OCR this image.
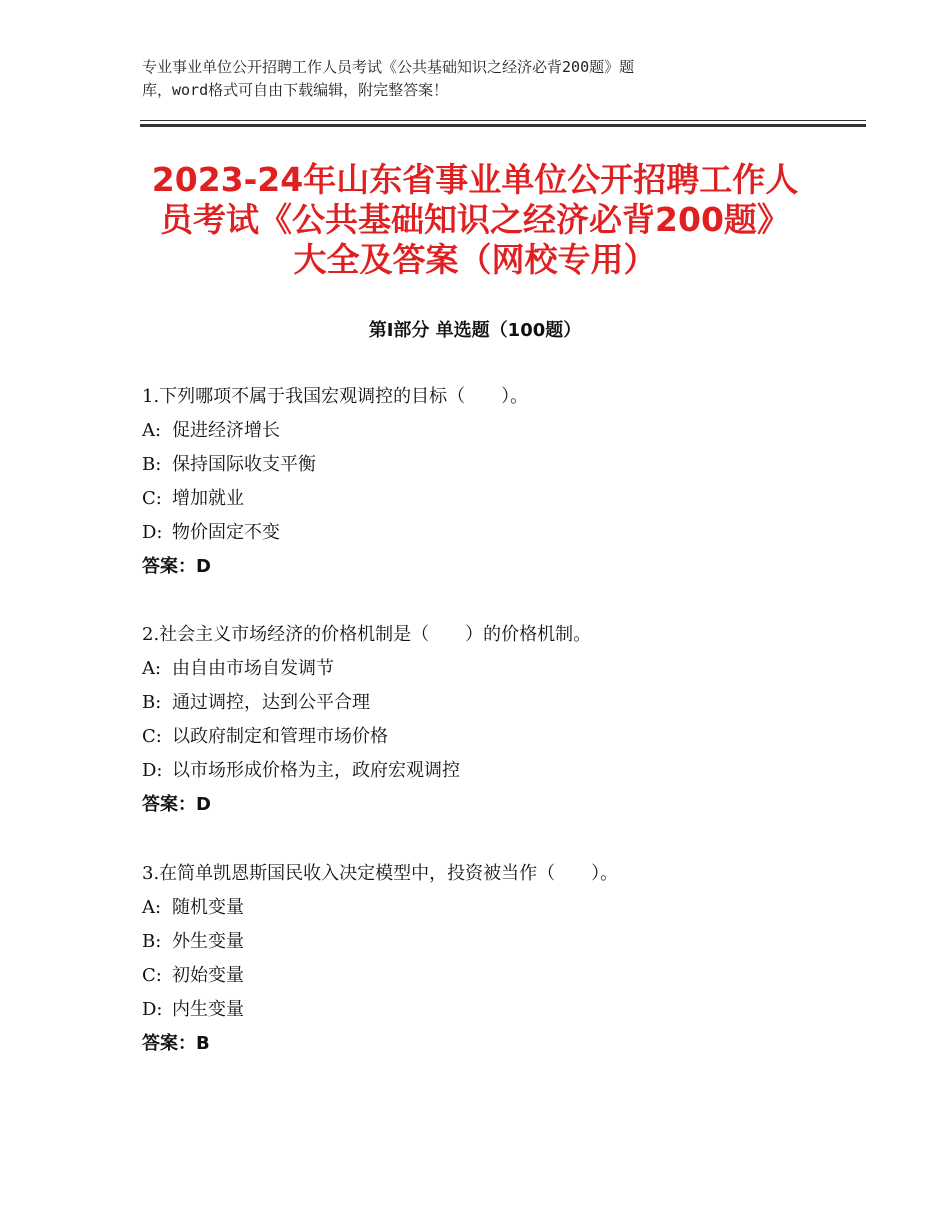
专业事业单位公开招聘工作人员考试《公共基础知识之经济必背200题》题
库，word格式可自由下载编辑，附完整答案！
2023-24年山东省事业单位公开招聘工作人
员考试《公共基础知识之经济必背200题》
大全及答案（网校专用）
第Ⅰ部分 单选题（100题）
1.下列哪项不属于我国宏观调控的目标（　　）。
A: 促进经济增长
B: 保持国际收支平衡
C: 增加就业
D: 物价固定不变
答案：D
2.社会主义市场经济的价格机制是（　　）的价格机制。
A: 由自由市场自发调节
B: 通过调控，达到公平合理
C: 以政府制定和管理市场价格
D: 以市场形成价格为主，政府宏观调控
答案：D
3.在简单凯恩斯国民收入决定模型中，投资被当作（　　）。
A: 随机变量
B: 外生变量
C: 初始变量
D: 内生变量
答案：B
